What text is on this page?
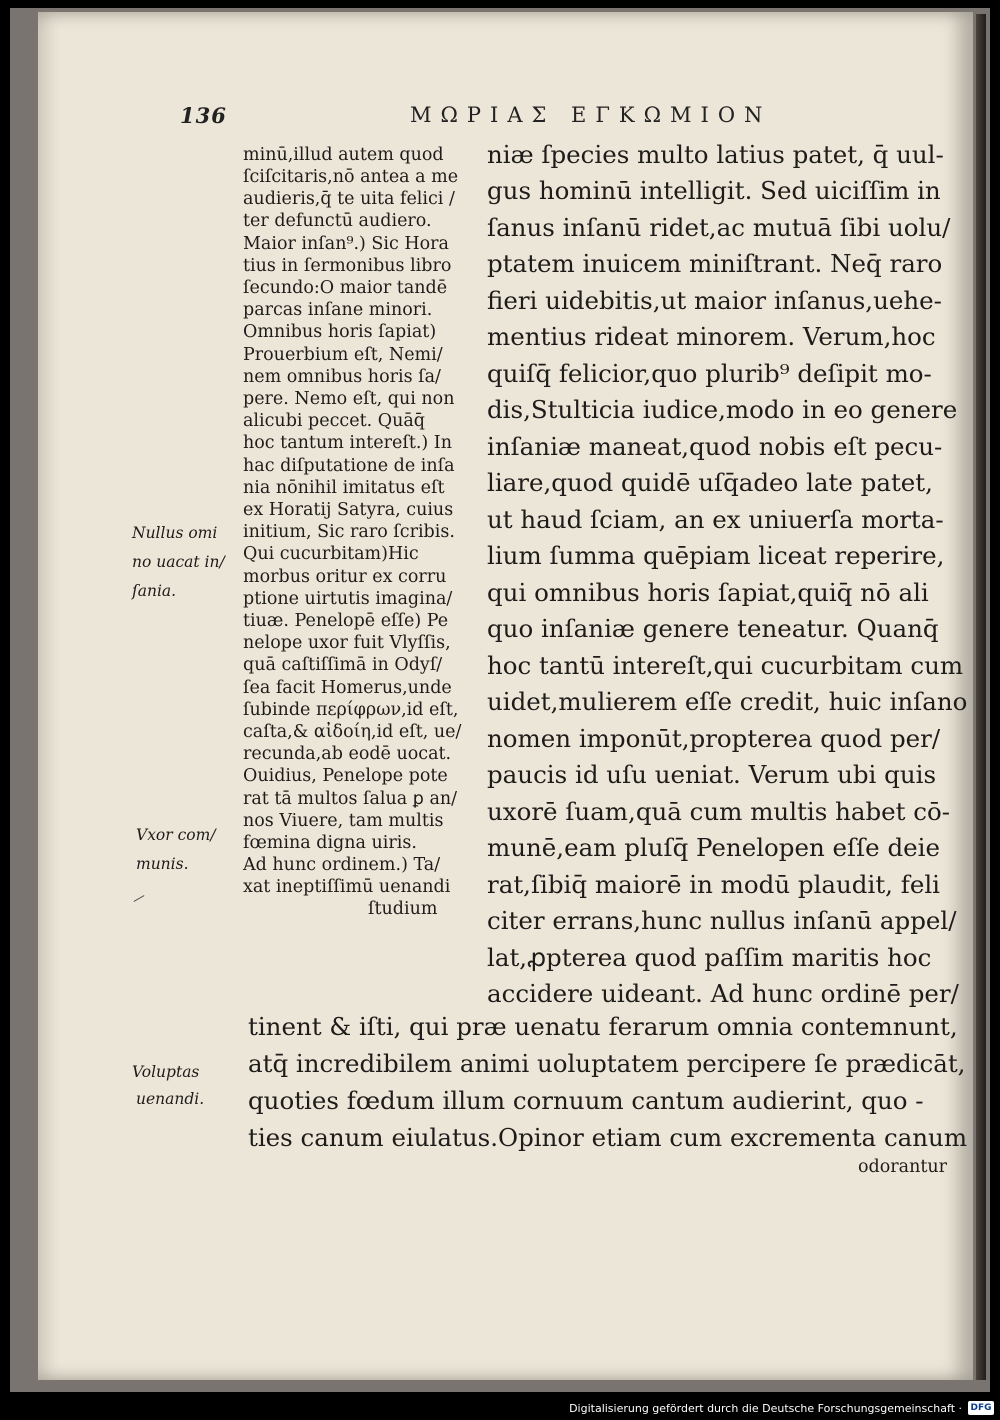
136	ΜΩΡΙΑΣ ΕΓΚΩΜΙΟΝ
minū,illud autem quod
ſciſcitaris,nō antea a me
audieris,q̄ te uita felici /
ter defunctū audiero.
Maior inſan⁹.) Sic Hora
tius in ſermonibus libro
ſecundo:O maior tandē
parcas inſane minori.
Omnibus horis ſapiat)
Prouerbium eſt, Nemi/
nem omnibus horis ſa/
pere. Nemo eſt, qui non
alicubi peccet. Quāq̄
hoc tantum intereſt.) In
hac diſputatione de inſa
nia nōnihil imitatus eſt
ex Horatij Satyra, cuius
initium, Sic raro ſcribis.
Qui cucurbitam)Hic
morbus oritur ex corru
ptione uirtutis imagina/
tiuæ. Penelopē eſſe) Pe
nelope uxor fuit Vlyſſis,
quā caſtiſſimā in Odyſ/
ſea facit Homerus,unde
ſubinde περίφρων,id eſt,
caſta,& αἰδοίη,id eſt, ue/
recunda,ab eodē uocat.
Ouidius, Penelope pote
rat tā multos ſalua ꝑ an/
nos Viuere, tam multis
fœmina digna uiris.
Ad hunc ordinem.) Ta/
xat ineptiſſimū uenandi
ſtudium
niæ ſpecies multo latius patet, q̄ uul-
gus hominū intelligit. Sed uiciſſim in
ſanus inſanū ridet,ac mutuā ſibi uolu/
ptatem inuicem miniſtrant. Neq̄ raro
fieri uidebitis,ut maior inſanus,uehe-
mentius rideat minorem. Verum,hoc
quiſq̄ felicior,quo plurib⁹ deſipit mo-
dis,Stulticia iudice,modo in eo genere
inſaniæ maneat,quod nobis eſt pecu-
liare,quod quidē uſq̄adeo late patet,
ut haud ſciam, an ex uniuerſa morta-
lium ſumma quēpiam liceat reperire,
qui omnibus horis ſapiat,quiq̄ nō ali
quo inſaniæ genere teneatur. Quanq̄
hoc tantū intereſt,qui cucurbitam cum
uidet,mulierem eſſe credit, huic inſano
nomen imponūt,propterea quod per/
paucis id uſu ueniat. Verum ubi quis
uxorē ſuam,quā cum multis habet cō-
munē,eam pluſq̄ Penelopen eſſe deie
rat,ſibiq̄ maiorē in modū plaudit, feli
citer errans,hunc nullus inſanū appel/
lat,ꝓpterea quod paſſim maritis hoc
accidere uideant. Ad hunc ordinē per/
tinent & iſti, qui præ uenatu ferarum omnia contemnunt,
atq̄ incredibilem animi uoluptatem percipere ſe prædicāt,
quoties fœdum illum cornuum cantum audierint, quo -
ties canum eiulatus.Opinor etiam cum excrementa canum
odorantur
Nullus omi
no uacat in/
ſania.
Vxor com/
munis.
Voluptas
uenandi.
Digitalisierung gefördert durch die Deutsche Forschungsgemeinschaft · DFG
